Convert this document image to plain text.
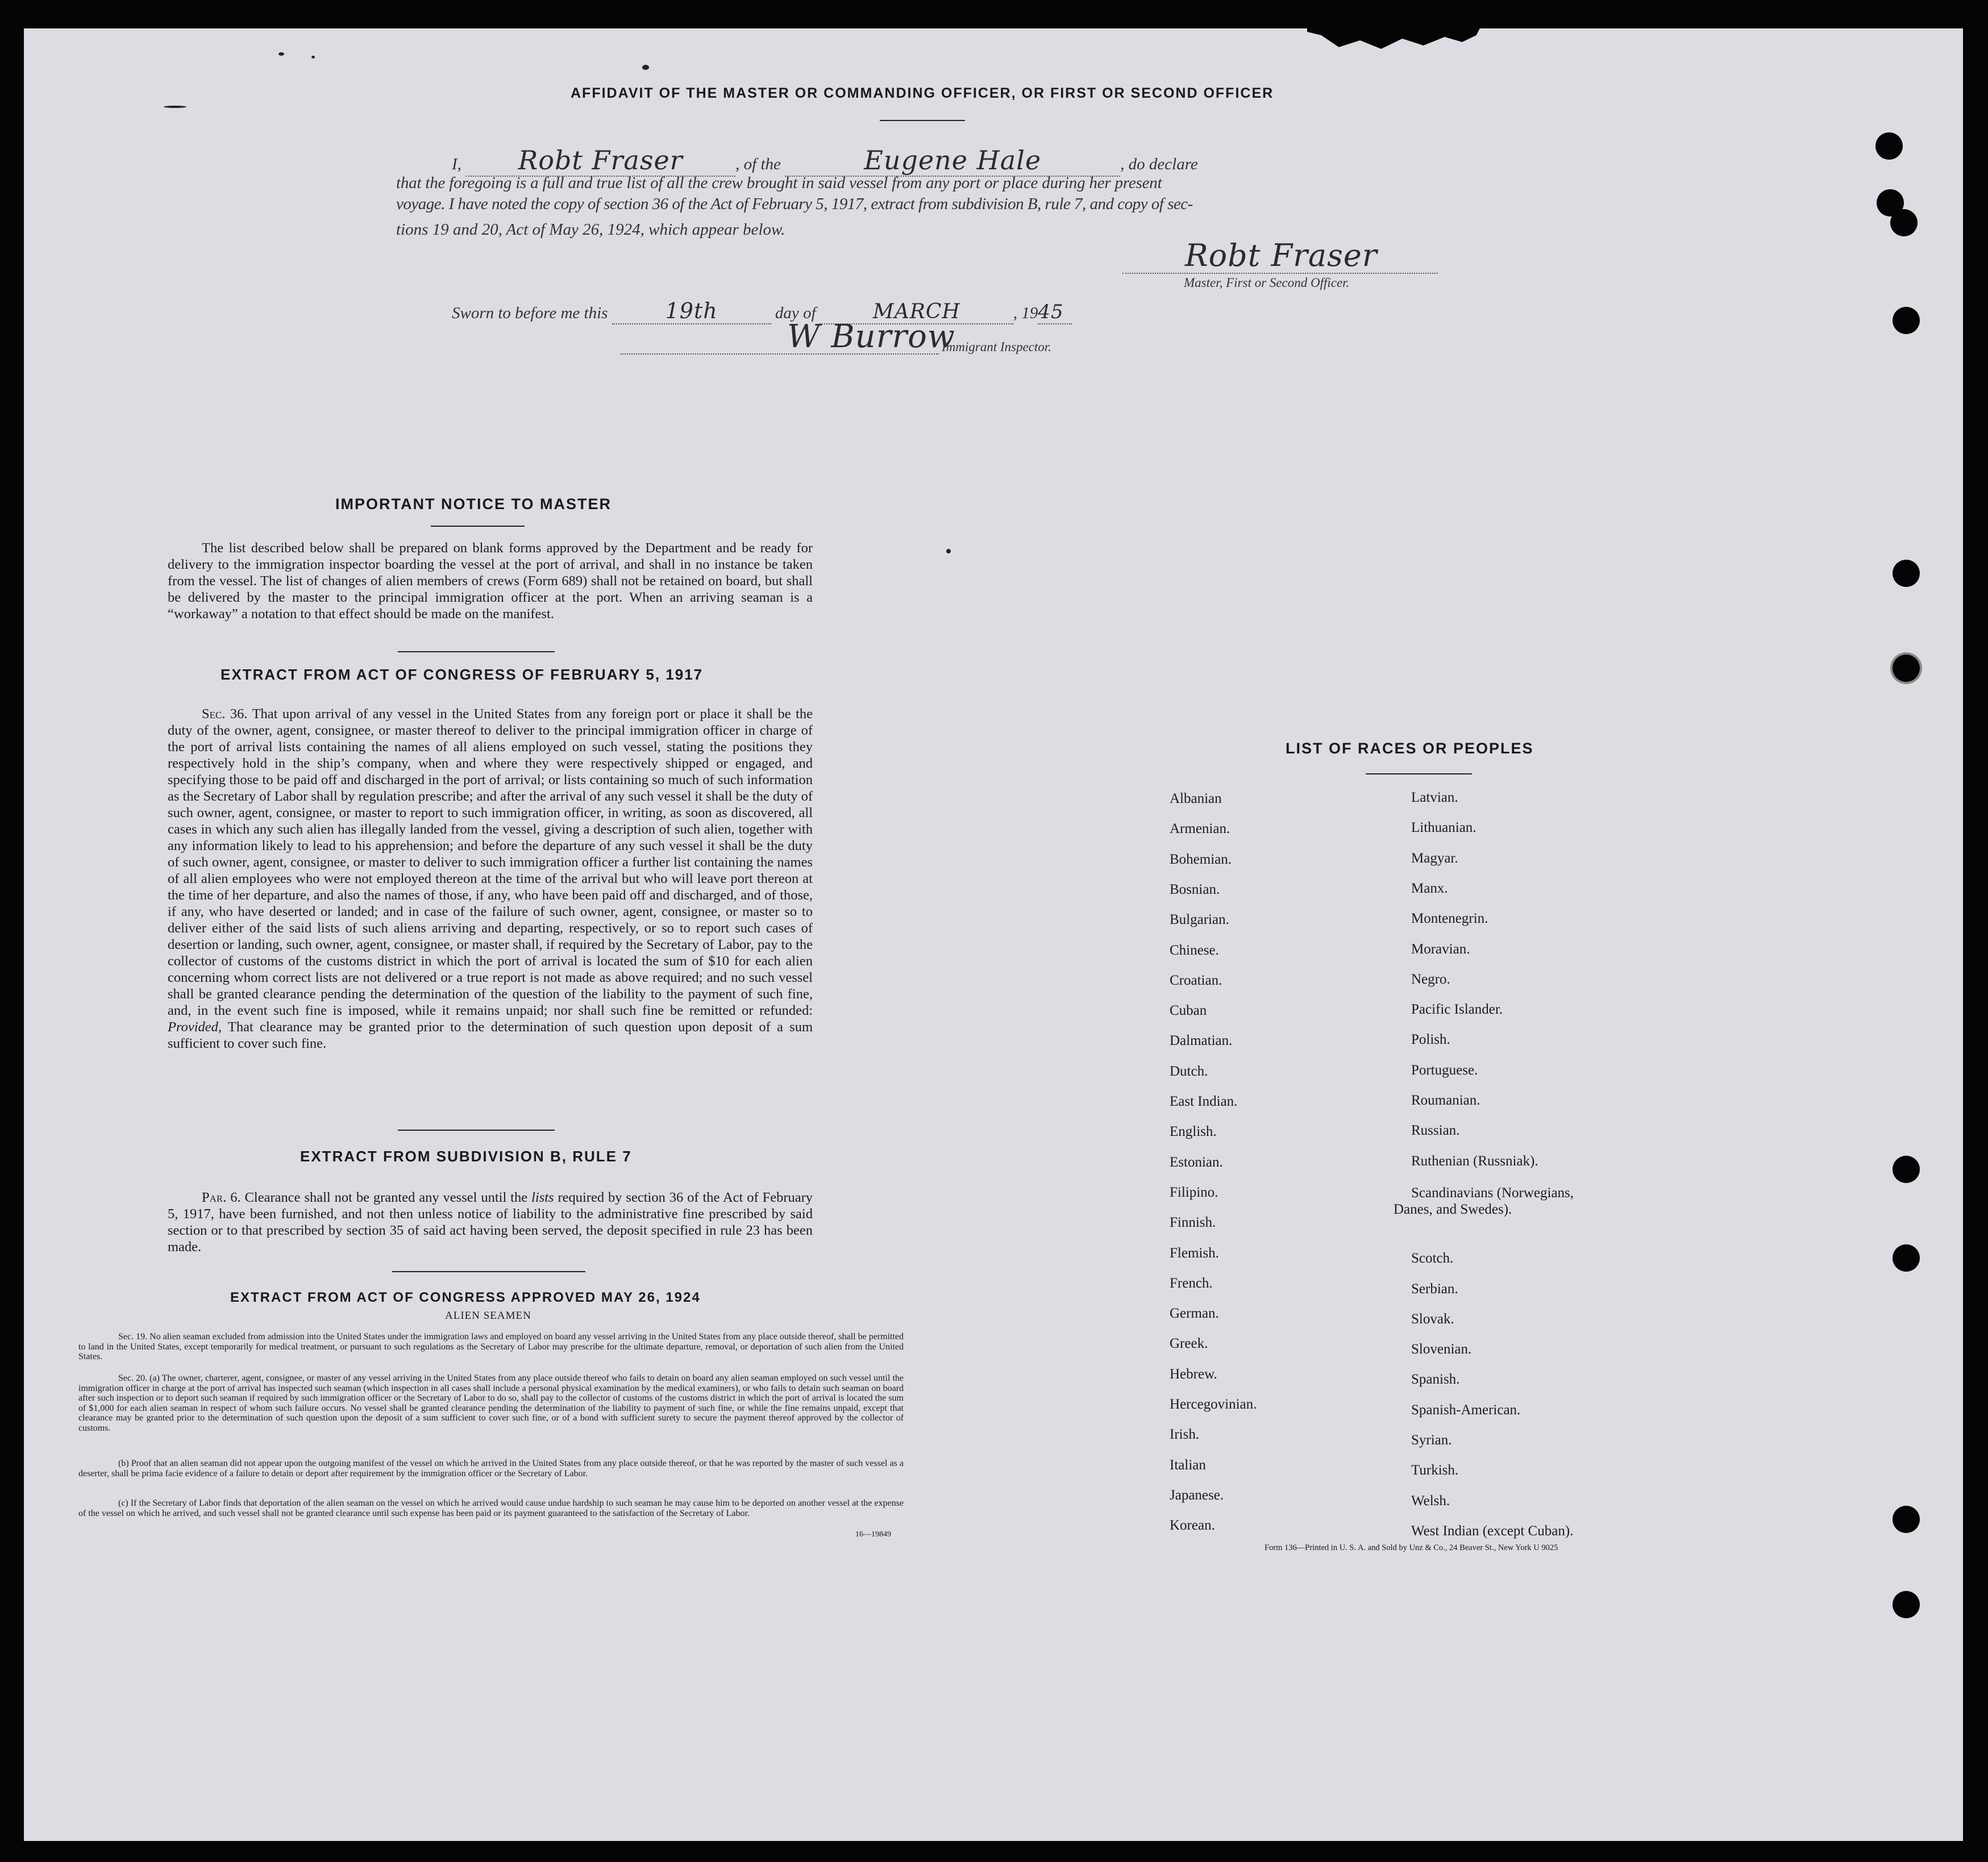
AFFIDAVIT OF THE MASTER OR COMMANDING OFFICER, OR FIRST OR SECOND OFFICER
I, Robt Fraser	, of the	Eugene Hale	, do declare
that the foregoing is a full and true list of all the crew brought in said vessel from any port or place during her present
voyage. I have noted the copy of section 36 of the Act of February 5, 1917, extract from subdivision B, rule 7, and copy of sec-
tions 19 and 20, Act of May 26, 1924, which appear below.
Robt Fraser
Master, First or Second Officer.
Sworn to before me this	19th	day of	MARCH	, 1945
W Burrow
Immigrant Inspector.
IMPORTANT NOTICE TO MASTER
The list described below shall be prepared on blank forms approved by the Department and be ready for delivery to the immigration inspector boarding the vessel at the port of arrival, and shall in no instance be taken from the vessel. The list of changes of alien members of crews (Form 689) shall not be retained on board, but shall be delivered by the master to the principal immigration officer at the port. When an arriving seaman is a “workaway” a notation to that effect should be made on the manifest.
EXTRACT FROM ACT OF CONGRESS OF FEBRUARY 5, 1917
Sec. 36. That upon arrival of any vessel in the United States from any foreign port or place it shall be the duty of the owner, agent, consignee, or master thereof to deliver to the principal immigration officer in charge of the port of arrival lists containing the names of all aliens employed on such vessel, stating the positions they respectively hold in the ship’s company, when and where they were respectively shipped or engaged, and specifying those to be paid off and discharged in the port of arrival; or lists containing so much of such information as the Secretary of Labor shall by regulation prescribe; and after the arrival of any such vessel it shall be the duty of such owner, agent, consignee, or master to report to such immigration officer, in writing, as soon as discovered, all cases in which any such alien has illegally landed from the vessel, giving a description of such alien, together with any information likely to lead to his apprehension; and before the departure of any such vessel it shall be the duty of such owner, agent, consignee, or master to deliver to such immigration officer a further list containing the names of all alien employees who were not employed thereon at the time of the arrival but who will leave port thereon at the time of her departure, and also the names of those, if any, who have been paid off and discharged, and of those, if any, who have deserted or landed; and in case of the failure of such owner, agent, consignee, or master so to deliver either of the said lists of such aliens arriving and departing, respectively, or so to report such cases of desertion or landing, such owner, agent, consignee, or master shall, if required by the Secretary of Labor, pay to the collector of customs of the customs district in which the port of arrival is located the sum of $10 for each alien concerning whom correct lists are not delivered or a true report is not made as above required; and no such vessel shall be granted clearance pending the determination of the question of the liability to the payment of such fine, and, in the event such fine is imposed, while it remains unpaid; nor shall such fine be remitted or refunded: Provided, That clearance may be granted prior to the determination of such question upon deposit of a sum sufficient to cover such fine.
EXTRACT FROM SUBDIVISION B, RULE 7
Par. 6. Clearance shall not be granted any vessel until the lists required by section 36 of the Act of February 5, 1917, have been furnished, and not then unless notice of liability to the administrative fine prescribed by said section or to that prescribed by section 35 of said act having been served, the deposit specified in rule 23 has been made.
EXTRACT FROM ACT OF CONGRESS APPROVED MAY 26, 1924
ALIEN SEAMEN
Sec. 19. No alien seaman excluded from admission into the United States under the immigration laws and employed on board any vessel arriving in the United States from any place outside thereof, shall be permitted to land in the United States, except temporarily for medical treatment, or pursuant to such regulations as the Secretary of Labor may prescribe for the ultimate departure, removal, or deportation of such alien from the United States.
Sec. 20. (a) The owner, charterer, agent, consignee, or master of any vessel arriving in the United States from any place outside thereof who fails to detain on board any alien seaman employed on such vessel until the immigration officer in charge at the port of arrival has inspected such seaman (which inspection in all cases shall include a personal physical examination by the medical examiners), or who fails to detain such seaman on board after such inspection or to deport such seaman if required by such immigration officer or the Secretary of Labor to do so, shall pay to the collector of customs of the customs district in which the port of arrival is located the sum of $1,000 for each alien seaman in respect of whom such failure occurs. No vessel shall be granted clearance pending the determination of the liability to payment of such fine, or while the fine remains unpaid, except that clearance may be granted prior to the determination of such question upon the deposit of a sum sufficient to cover such fine, or of a bond with sufficient surety to secure the payment thereof approved by the collector of customs.
(b) Proof that an alien seaman did not appear upon the outgoing manifest of the vessel on which he arrived in the United States from any place outside thereof, or that he was reported by the master of such vessel as a deserter, shall be prima facie evidence of a failure to detain or deport after requirement by the immigration officer or the Secretary of Labor.
(c) If the Secretary of Labor finds that deportation of the alien seaman on the vessel on which he arrived would cause undue hardship to such seaman he may cause him to be deported on another vessel at the expense of the vessel on which he arrived, and such vessel shall not be granted clearance until such expense has been paid or its payment guaranteed to the satisfaction of the Secretary of Labor.
16—19849
LIST OF RACES OR PEOPLES
Albanian
Armenian.
Bohemian.
Bosnian.
Bulgarian.
Chinese.
Croatian.
Cuban
Dalmatian.
Dutch.
East Indian.
English.
Estonian.
Filipino.
Finnish.
Flemish.
French.
German.
Greek.
Hebrew.
Hercegovinian.
Irish.
Italian
Japanese.
Korean.
Latvian.
Lithuanian.
Magyar.
Manx.
Montenegrin.
Moravian.
Negro.
Pacific Islander.
Polish.
Portuguese.
Roumanian.
Russian.
Ruthenian (Russniak).
Scandinavians (Norwegians,
Danes, and Swedes).
Scotch.
Serbian.
Slovak.
Slovenian.
Spanish.
Spanish-American.
Syrian.
Turkish.
Welsh.
West Indian (except Cuban).
Form 136—Printed in U. S. A. and Sold by Unz & Co., 24 Beaver St., New York U 9025
